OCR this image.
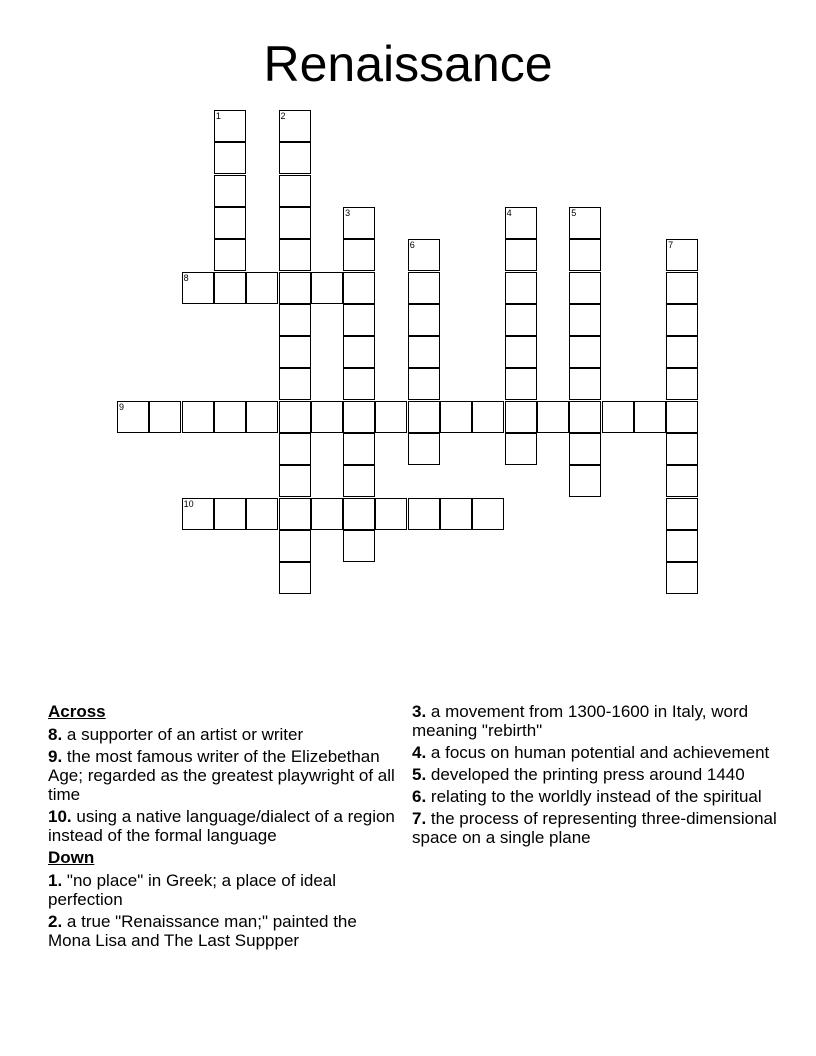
Renaissance
1	2
3	4	5
6	7
8
9
10
Across
8. a supporter of an artist or writer
9. the most famous writer of the Elizebethan Age; regarded as the greatest playwright of all time
10. using a native language/dialect of a region instead of the formal language
Down
1. "no place" in Greek; a place of ideal perfection
2. a true "Renaissance man;" painted the Mona Lisa and The Last Suppper
3. a movement from 1300-1600 in Italy, word meaning "rebirth"
4. a focus on human potential and achievement
5. developed the printing press around 1440
6. relating to the worldly instead of the spiritual
7. the process of representing three-dimensional space on a single plane
